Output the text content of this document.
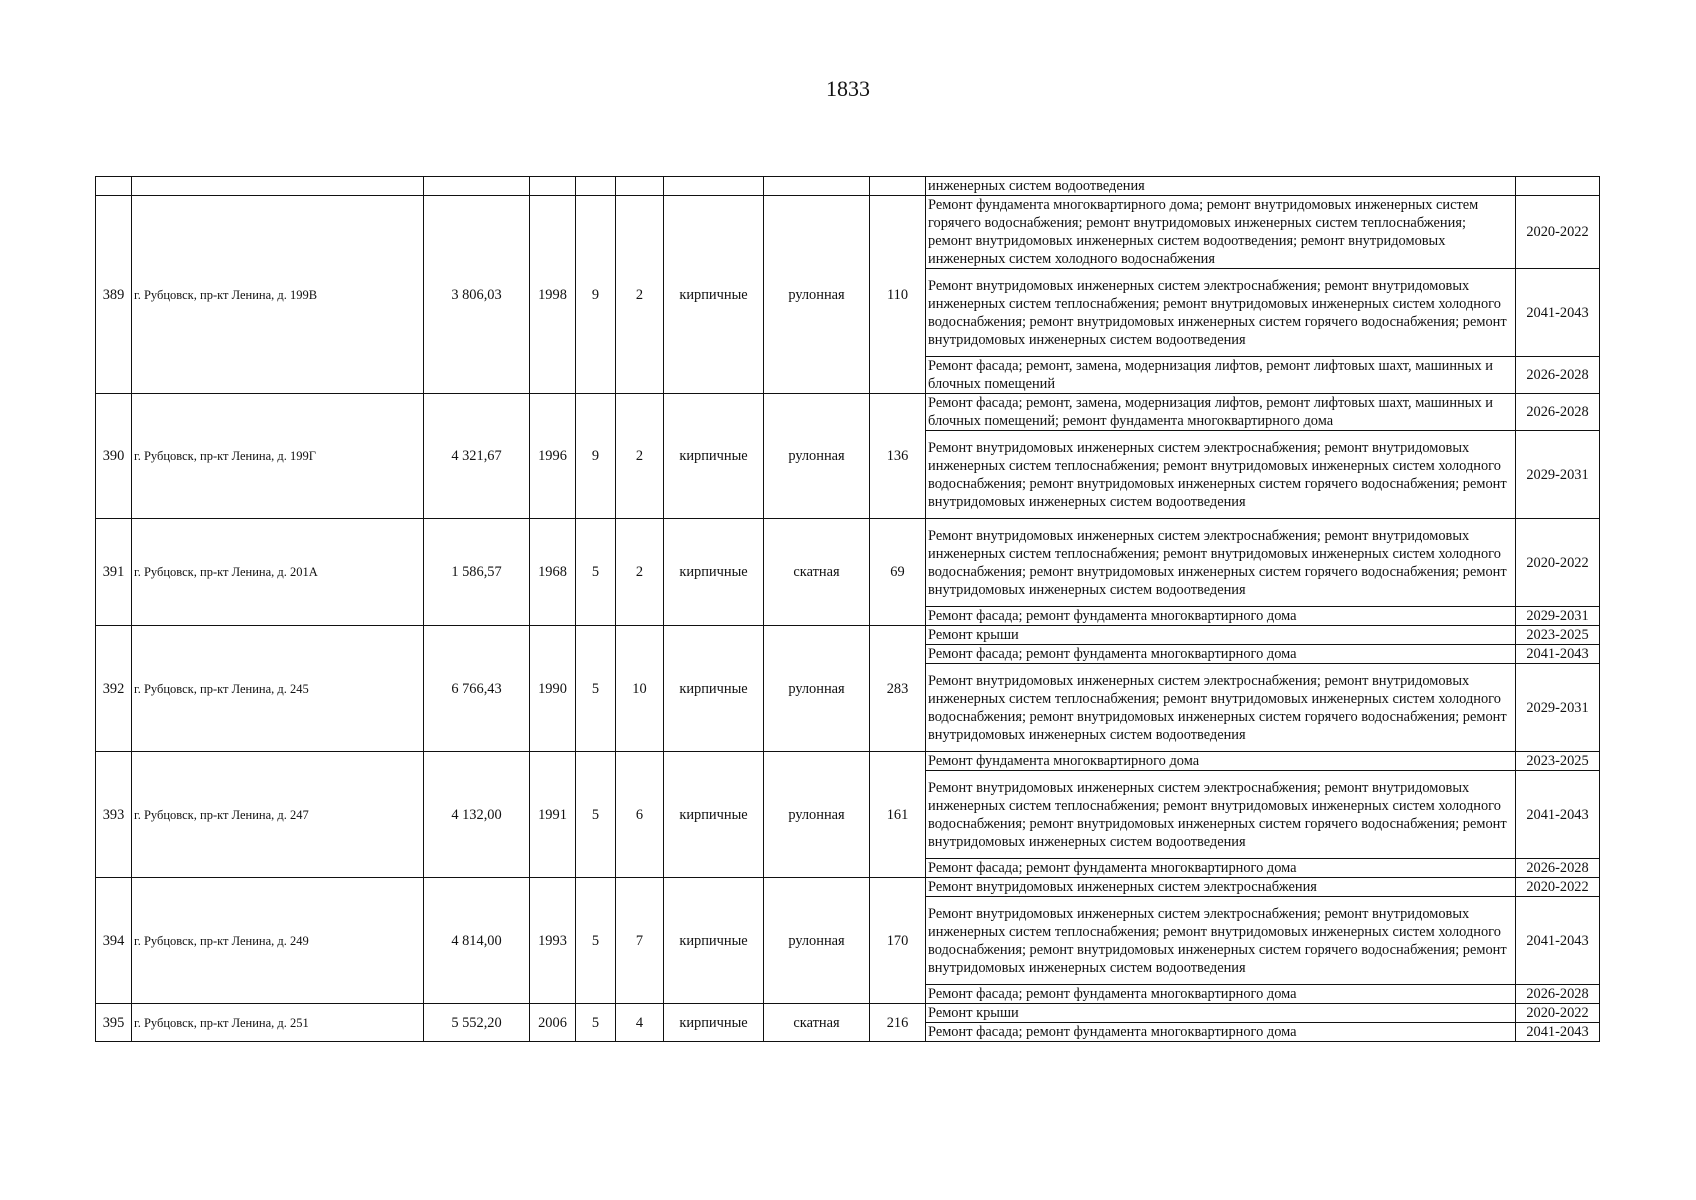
1833
									инженерных систем водоотведения	
389	г. Рубцовск, пр-кт Ленина, д. 199В	3 806,03	1998	9	2	кирпичные	рулонная	110	Ремонт фундамента многоквартирного дома; ремонт внутридомовых инженерных систем горячего водоснабжения; ремонт внутридомовых инженерных систем теплоснабжения; ремонт внутридомовых инженерных систем водоотведения; ремонт внутридомовых инженерных систем холодного водоснабжения	2020-2022
									Ремонт внутридомовых инженерных систем электроснабжения; ремонт внутридомовых инженерных систем теплоснабжения; ремонт внутридомовых инженерных систем холодного водоснабжения; ремонт внутридомовых инженерных систем горячего водоснабжения; ремонт внутридомовых инженерных систем водоотведения	2041-2043
									Ремонт фасада; ремонт, замена, модернизация лифтов, ремонт лифтовых шахт, машинных и блочных помещений	2026-2028
390	г. Рубцовск, пр-кт Ленина, д. 199Г	4 321,67	1996	9	2	кирпичные	рулонная	136	Ремонт фасада; ремонт, замена, модернизация лифтов, ремонт лифтовых шахт, машинных и блочных помещений; ремонт фундамента многоквартирного дома	2026-2028
									Ремонт внутридомовых инженерных систем электроснабжения; ремонт внутридомовых инженерных систем теплоснабжения; ремонт внутридомовых инженерных систем холодного водоснабжения; ремонт внутридомовых инженерных систем горячего водоснабжения; ремонт внутридомовых инженерных систем водоотведения	2029-2031
391	г. Рубцовск, пр-кт Ленина, д. 201А	1 586,57	1968	5	2	кирпичные	скатная	69	Ремонт внутридомовых инженерных систем электроснабжения; ремонт внутридомовых инженерных систем теплоснабжения; ремонт внутридомовых инженерных систем холодного водоснабжения; ремонт внутридомовых инженерных систем горячего водоснабжения; ремонт внутридомовых инженерных систем водоотведения	2020-2022
									Ремонт фасада; ремонт фундамента многоквартирного дома	2029-2031
392	г. Рубцовск, пр-кт Ленина, д. 245	6 766,43	1990	5	10	кирпичные	рулонная	283	Ремонт крыши	2023-2025
									Ремонт фасада; ремонт фундамента многоквартирного дома	2041-2043
									Ремонт внутридомовых инженерных систем электроснабжения; ремонт внутридомовых инженерных систем теплоснабжения; ремонт внутридомовых инженерных систем холодного водоснабжения; ремонт внутридомовых инженерных систем горячего водоснабжения; ремонт внутридомовых инженерных систем водоотведения	2029-2031
393	г. Рубцовск, пр-кт Ленина, д. 247	4 132,00	1991	5	6	кирпичные	рулонная	161	Ремонт фундамента многоквартирного дома	2023-2025
									Ремонт внутридомовых инженерных систем электроснабжения; ремонт внутридомовых инженерных систем теплоснабжения; ремонт внутридомовых инженерных систем холодного водоснабжения; ремонт внутридомовых инженерных систем горячего водоснабжения; ремонт внутридомовых инженерных систем водоотведения	2041-2043
									Ремонт фасада; ремонт фундамента многоквартирного дома	2026-2028
394	г. Рубцовск, пр-кт Ленина, д. 249	4 814,00	1993	5	7	кирпичные	рулонная	170	Ремонт внутридомовых инженерных систем электроснабжения	2020-2022
									Ремонт внутридомовых инженерных систем электроснабжения; ремонт внутридомовых инженерных систем теплоснабжения; ремонт внутридомовых инженерных систем холодного водоснабжения; ремонт внутридомовых инженерных систем горячего водоснабжения; ремонт внутридомовых инженерных систем водоотведения	2041-2043
									Ремонт фасада; ремонт фундамента многоквартирного дома	2026-2028
395	г. Рубцовск, пр-кт Ленина, д. 251	5 552,20	2006	5	4	кирпичные	скатная	216	Ремонт крыши	2020-2022
									Ремонт фасада; ремонт фундамента многоквартирного дома	2041-2043
